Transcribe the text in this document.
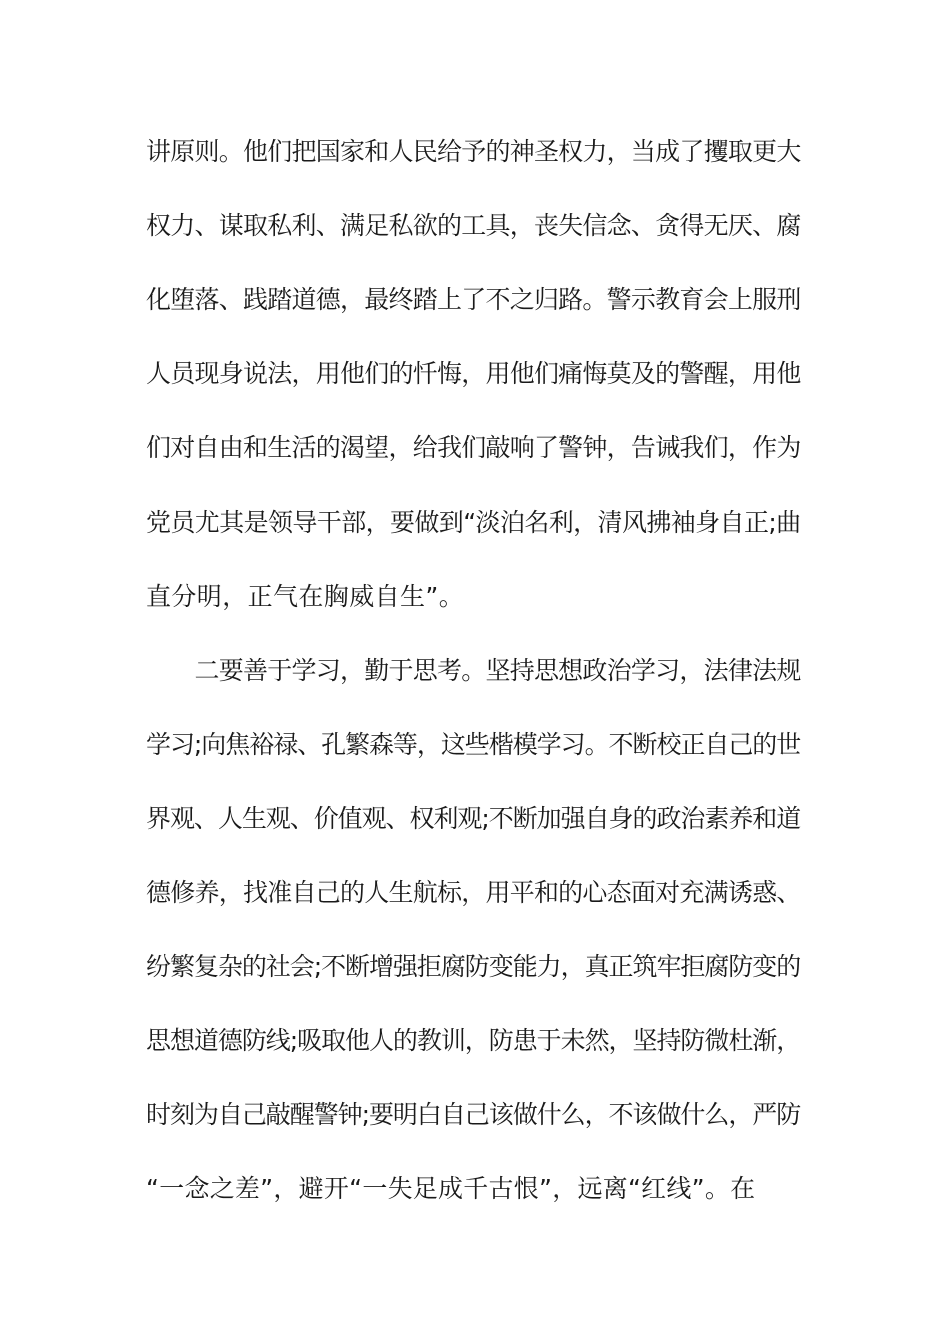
讲原则。他们把国家和人民给予的神圣权力，当成了攫取更大
权力、谋取私利、满足私欲的工具，丧失信念、贪得无厌、腐
化堕落、践踏道德，最终踏上了不之归路。警示教育会上服刑
人员现身说法，用他们的忏悔，用他们痛悔莫及的警醒，用他
们对自由和生活的渴望，给我们敲响了警钟，告诫我们，作为
党员尤其是领导干部，要做到“淡泊名利，清风拂袖身自正;曲
直分明，正气在胸威自生”。
　　二要善于学习，勤于思考。坚持思想政治学习，法律法规
学习;向焦裕禄、孔繁森等，这些楷模学习。不断校正自己的世
界观、人生观、价值观、权利观;不断加强自身的政治素养和道
德修养，找准自己的人生航标，用平和的心态面对充满诱惑、
纷繁复杂的社会;不断增强拒腐防变能力，真正筑牢拒腐防变的
思想道德防线;吸取他人的教训，防患于未然，坚持防微杜渐，
时刻为自己敲醒警钟;要明白自己该做什么，不该做什么，严防
“一念之差”，避开“一失足成千古恨”，远离“红线”。在
